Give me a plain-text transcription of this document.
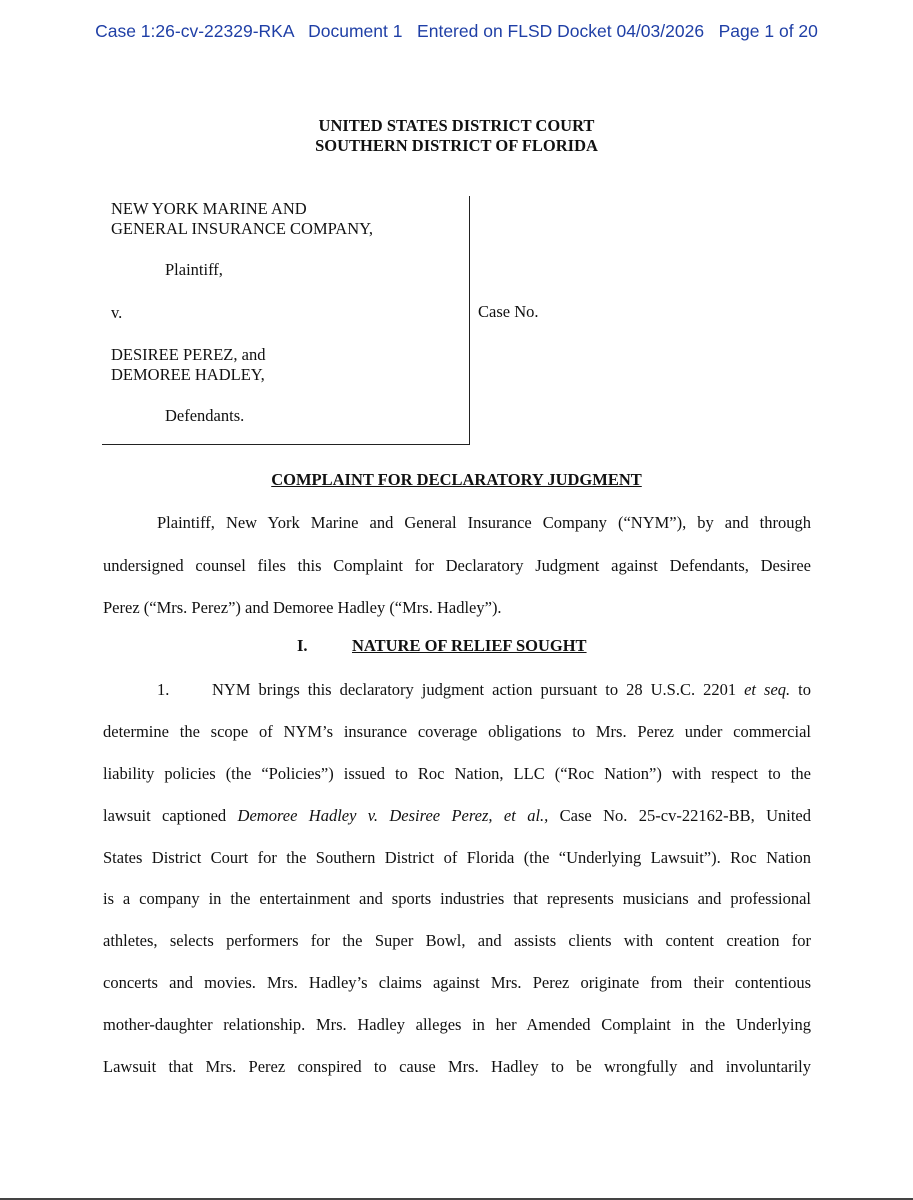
Case 1:26-cv-22329-RKA   Document 1   Entered on FLSD Docket 04/03/2026   Page 1 of 20
UNITED STATES DISTRICT COURT
SOUTHERN DISTRICT OF FLORIDA
NEW YORK MARINE AND
GENERAL INSURANCE COMPANY,
Plaintiff,
v.
DESIREE PEREZ, and
DEMOREE HADLEY,
Defendants.
Case No.
COMPLAINT FOR DECLARATORY JUDGMENT
Plaintiff, New York Marine and General Insurance Company (“NYM”), by and through
undersigned counsel files this Complaint for Declaratory Judgment against Defendants, Desiree
Perez (“Mrs. Perez”) and Demoree Hadley (“Mrs. Hadley”).
I.	NATURE OF RELIEF SOUGHT
1.	NYM brings this declaratory judgment action pursuant to 28 U.S.C. 2201 et seq. to
determine the scope of NYM’s insurance coverage obligations to Mrs. Perez under commercial
liability policies (the “Policies”) issued to Roc Nation, LLC (“Roc Nation”) with respect to the
lawsuit captioned Demoree Hadley v. Desiree Perez, et al., Case No. 25-cv-22162-BB, United
States District Court for the Southern District of Florida (the “Underlying Lawsuit”). Roc Nation
is a company in the entertainment and sports industries that represents musicians and professional
athletes, selects performers for the Super Bowl, and assists clients with content creation for
concerts and movies. Mrs. Hadley’s claims against Mrs. Perez originate from their contentious
mother-daughter relationship. Mrs. Hadley alleges in her Amended Complaint in the Underlying
Lawsuit that Mrs. Perez conspired to cause Mrs. Hadley to be wrongfully and involuntarily
